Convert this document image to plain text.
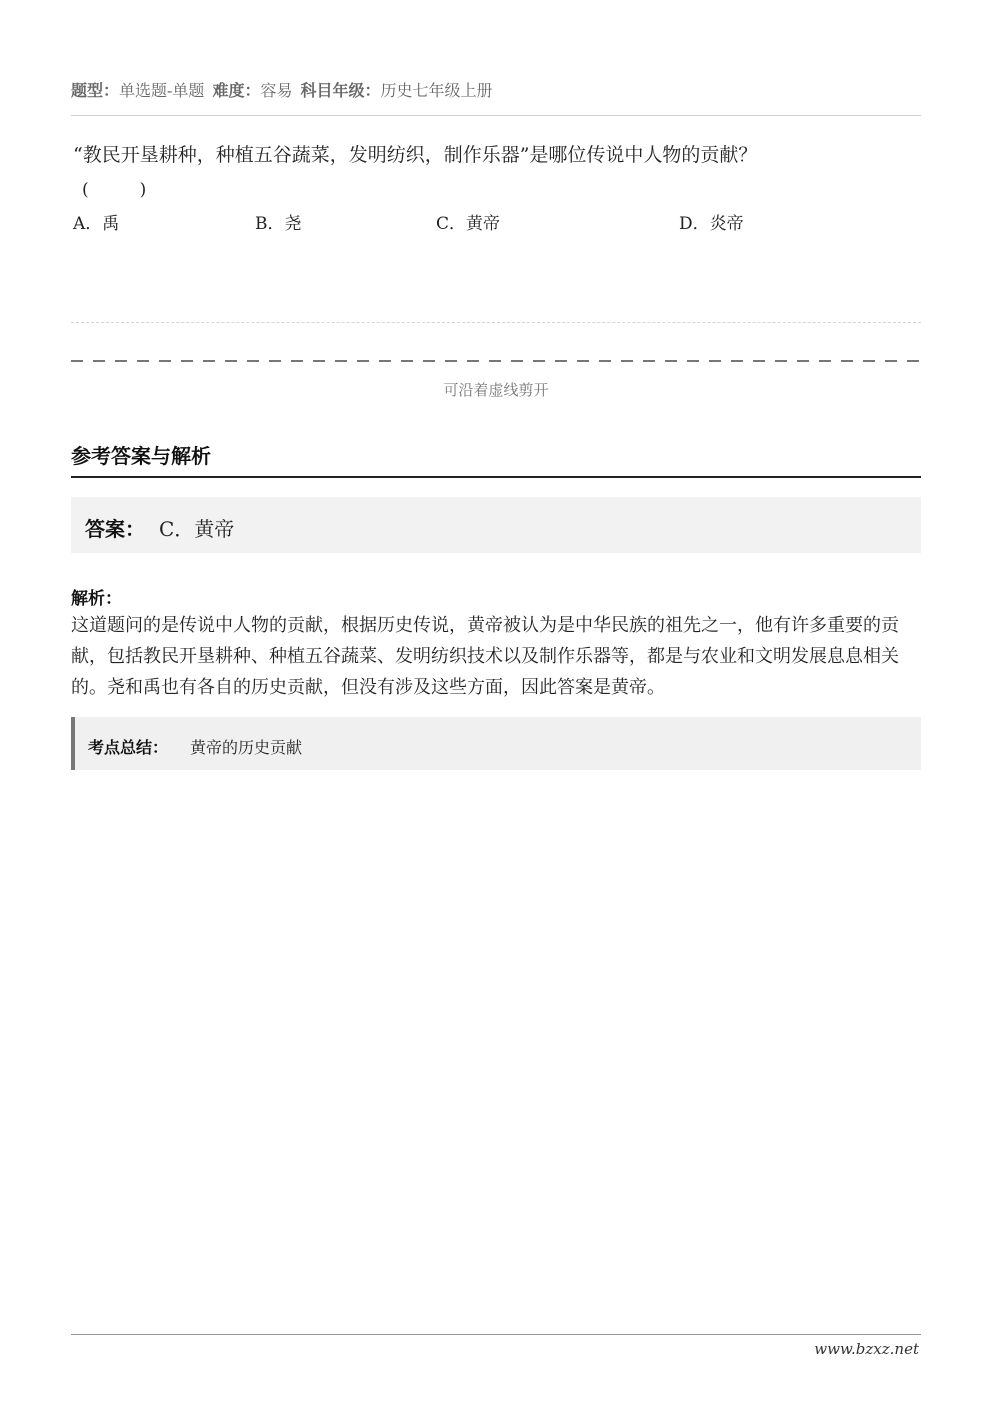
题型：单选题-单题 难度：容易 科目年级：历史七年级上册
“教民开垦耕种，种植五谷蔬菜，发明纺织，制作乐器”是哪位传说中人物的贡献？
(　　　)
A．禹	B．尧	C．黄帝	D．炎帝
可沿着虚线剪开
参考答案与解析
答案： C．黄帝
解析：
这道题问的是传说中人物的贡献，根据历史传说，黄帝被认为是中华民族的祖先之一，他有许多重要的贡献，包括教民开垦耕种、种植五谷蔬菜、发明纺织技术以及制作乐器等，都是与农业和文明发展息息相关的。尧和禹也有各自的历史贡献，但没有涉及这些方面，因此答案是黄帝。
考点总结： 黄帝的历史贡献
www.bzxz.net
